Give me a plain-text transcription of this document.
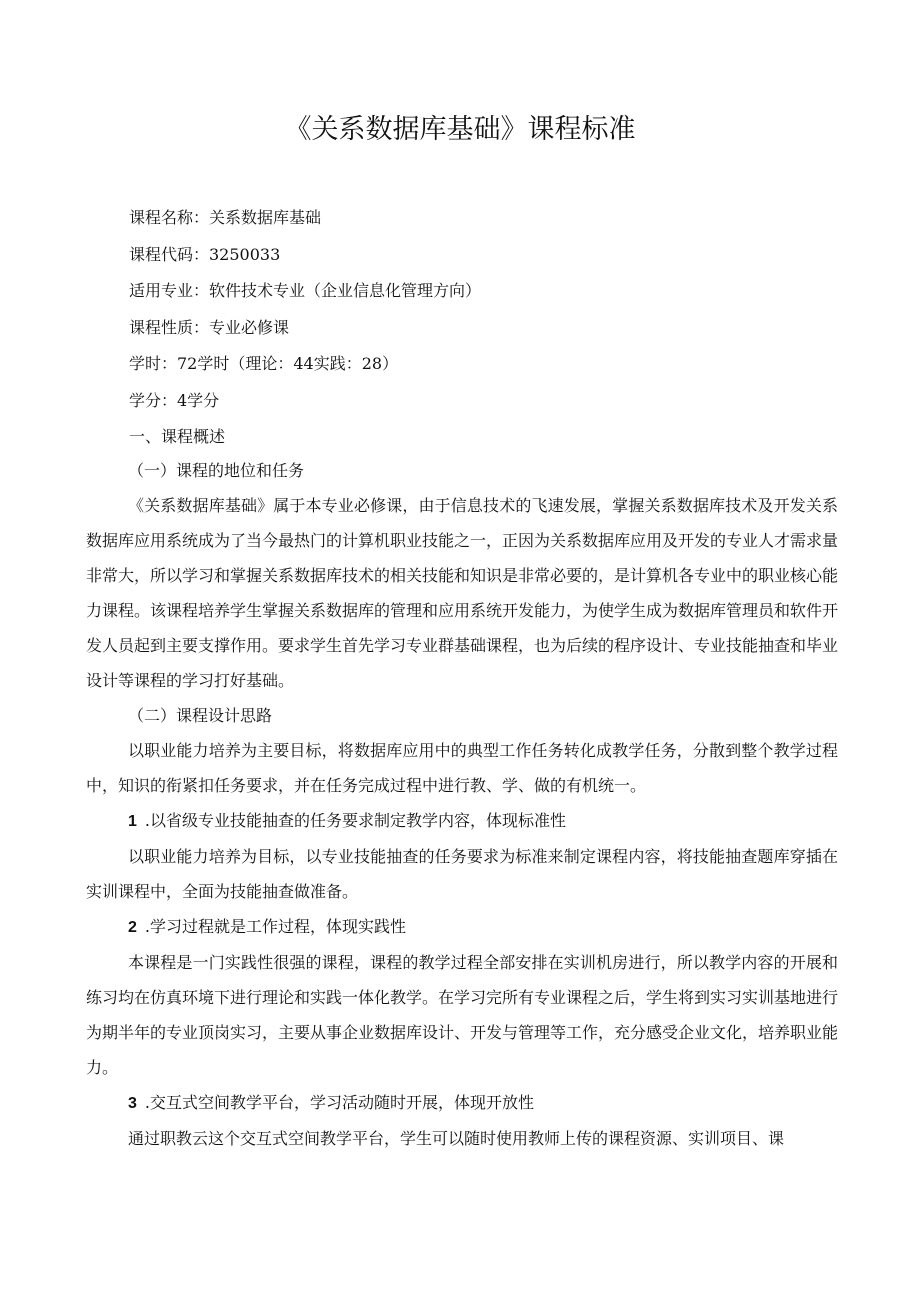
《关系数据库基础》课程标准
课程名称：关系数据库基础
课程代码：3250033
适用专业：软件技术专业（企业信息化管理方向）
课程性质：专业必修课
学时：72学时（理论：44实践：28）
学分：4学分
一、课程概述
（一）课程的地位和任务

《关系数据库基础》属于本专业必修课，由于信息技术的飞速发展，掌握关系数据库技术及开发关系数据库应用系统成为了当今最热门的计算机职业技能之一，正因为关系数据库应用及开发的专业人才需求量非常大，所以学习和掌握关系数据库技术的相关技能和知识是非常必要的，是计算机各专业中的职业核心能力课程。该课程培养学生掌握关系数据库的管理和应用系统开发能力，为使学生成为数据库管理员和软件开发人员起到主要支撑作用。要求学生首先学习专业群基础课程，也为后续的程序设计、专业技能抽查和毕业设计等课程的学习打好基础。

（二）课程设计思路

以职业能力培养为主要目标，将数据库应用中的典型工作任务转化成教学任务，分散到整个教学过程中，知识的衔紧扣任务要求，并在任务完成过程中进行教、学、做的有机统一。

1 .以省级专业技能抽查的任务要求制定教学内容，体现标准性

以职业能力培养为目标，以专业技能抽查的任务要求为标准来制定课程内容，将技能抽查题库穿插在实训课程中，全面为技能抽查做准备。

2 .学习过程就是工作过程，体现实践性

本课程是一门实践性很强的课程，课程的教学过程全部安排在实训机房进行，所以教学内容的开展和练习均在仿真环境下进行理论和实践一体化教学。在学习完所有专业课程之后，学生将到实习实训基地进行为期半年的专业顶岗实习，主要从事企业数据库设计、开发与管理等工作，充分感受企业文化，培养职业能力。

3 .交互式空间教学平台，学习活动随时开展，体现开放性

通过职教云这个交互式空间教学平台，学生可以随时使用教师上传的课程资源、实训项目、课
